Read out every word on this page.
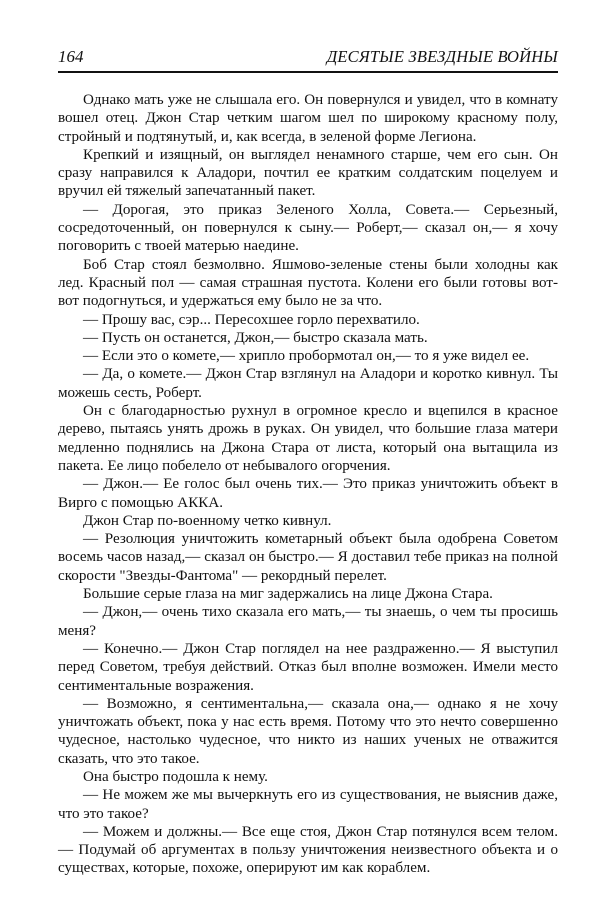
164	ДЕСЯТЫЕ ЗВЕЗДНЫЕ ВОЙНЫ

Однако мать уже не слышала его. Он повернулся и увидел, что в комнату вошел отец. Джон Стар четким шагом шел по широкому красному полу, стройный и подтянутый, и, как всегда, в зеленой форме Легиона.

Крепкий и изящный, он выглядел ненамного старше, чем его сын. Он сразу направился к Аладори, почтил ее кратким солдатским поцелуем и вручил ей тяжелый запечатанный пакет.

— Дорогая, это приказ Зеленого Холла, Совета.— Серьезный, сосредоточенный, он повернулся к сыну.— Роберт,— сказал он,— я хочу поговорить с твоей матерью наедине.

Боб Стар стоял безмолвно. Яшмово-зеленые стены были холодны как лед. Красный пол — самая страшная пустота. Колени его были готовы вот-вот подогнуться, и удержаться ему было не за что.

— Прошу вас, сэр... Пересохшее горло перехватило.

— Пусть он останется, Джон,— быстро сказала мать.

— Если это о комете,— хрипло пробормотал он,— то я уже видел ее.

— Да, о комете.— Джон Стар взглянул на Аладори и коротко кивнул. Ты можешь сесть, Роберт.

Он с благодарностью рухнул в огромное кресло и вцепился в красное дерево, пытаясь унять дрожь в руках. Он увидел, что большие глаза матери медленно поднялись на Джона Стара от листа, который она вытащила из пакета. Ее лицо побелело от небывалого огорчения.

— Джон.— Ее голос был очень тих.— Это приказ уничтожить объект в Вирго с помощью АККА.

Джон Стар по-военному четко кивнул.

— Резолюция уничтожить кометарный объект была одобрена Советом восемь часов назад,— сказал он быстро.— Я доставил тебе приказ на полной скорости "Звезды-Фантома" — рекордный перелет.

Большие серые глаза на миг задержались на лице Джона Стара.

— Джон,— очень тихо сказала его мать,— ты знаешь, о чем ты просишь меня?

— Конечно.— Джон Стар поглядел на нее раздраженно.— Я выступил перед Советом, требуя действий. Отказ был вполне возможен. Имели место сентиментальные возражения.

— Возможно, я сентиментальна,— сказала она,— однако я не хочу уничтожать объект, пока у нас есть время. Потому что это нечто совершенно чудесное, настолько чудесное, что никто из наших ученых не отважится сказать, что это такое.

Она быстро подошла к нему.

— Не можем же мы вычеркнуть его из существования, не выяснив даже, что это такое?

— Можем и должны.— Все еще стоя, Джон Стар потянулся всем телом.— Подумай об аргументах в пользу уничтожения неизвестного объекта и о существах, которые, похоже, оперируют им как кораблем.
